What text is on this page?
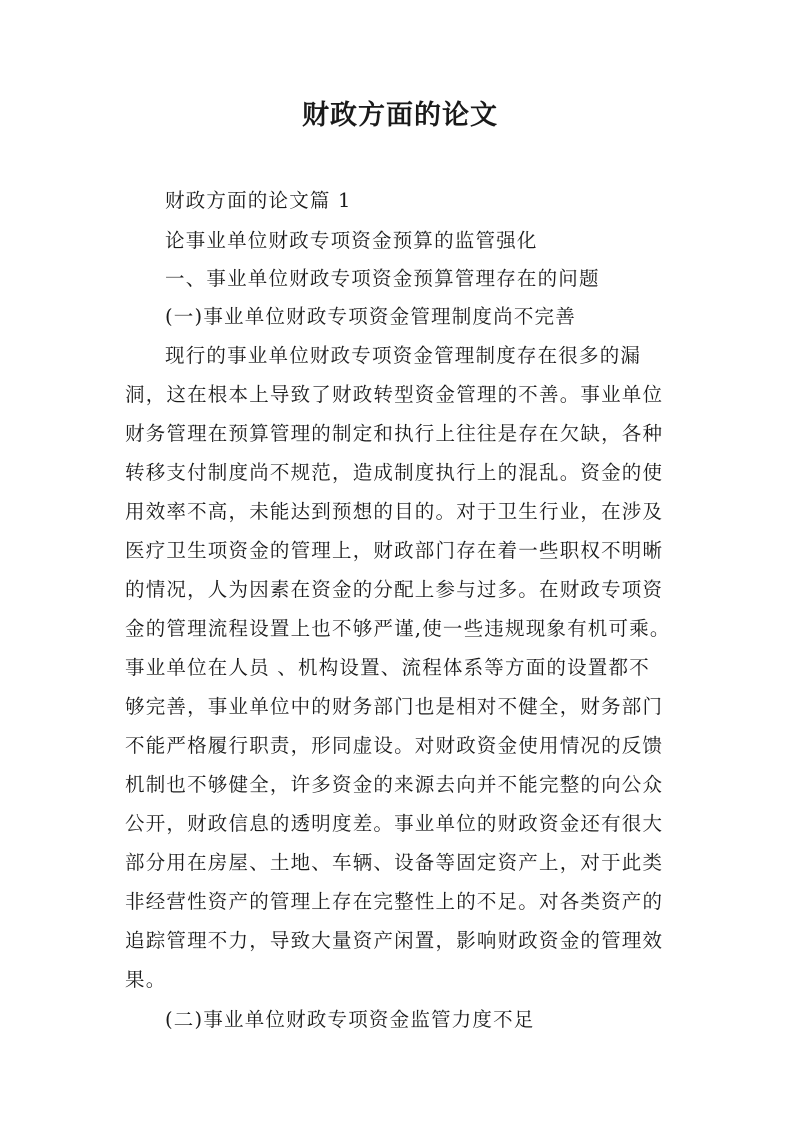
财政方面的论文
财政方面的论文篇 1
论事业单位财政专项资金预算的监管强化
一、事业单位财政专项资金预算管理存在的问题
(一)事业单位财政专项资金管理制度尚不完善
现行的事业单位财政专项资金管理制度存在很多的漏
洞，这在根本上导致了财政转型资金管理的不善。事业单位
财务管理在预算管理的制定和执行上往往是存在欠缺，各种
转移支付制度尚不规范，造成制度执行上的混乱。资金的使
用效率不高，未能达到预想的目的。对于卫生行业，在涉及
医疗卫生项资金的管理上，财政部门存在着一些职权不明晰
的情况，人为因素在资金的分配上参与过多。在财政专项资
金的管理流程设置上也不够严谨,使一些违规现象有机可乘。
事业单位在人员 、机构设置、流程体系等方面的设置都不
够完善，事业单位中的财务部门也是相对不健全，财务部门
不能严格履行职责，形同虚设。对财政资金使用情况的反馈
机制也不够健全，许多资金的来源去向并不能完整的向公众
公开，财政信息的透明度差。事业单位的财政资金还有很大
部分用在房屋、土地、车辆、设备等固定资产上，对于此类
非经营性资产的管理上存在完整性上的不足。对各类资产的
追踪管理不力，导致大量资产闲置，影响财政资金的管理效
果。
(二)事业单位财政专项资金监管力度不足
